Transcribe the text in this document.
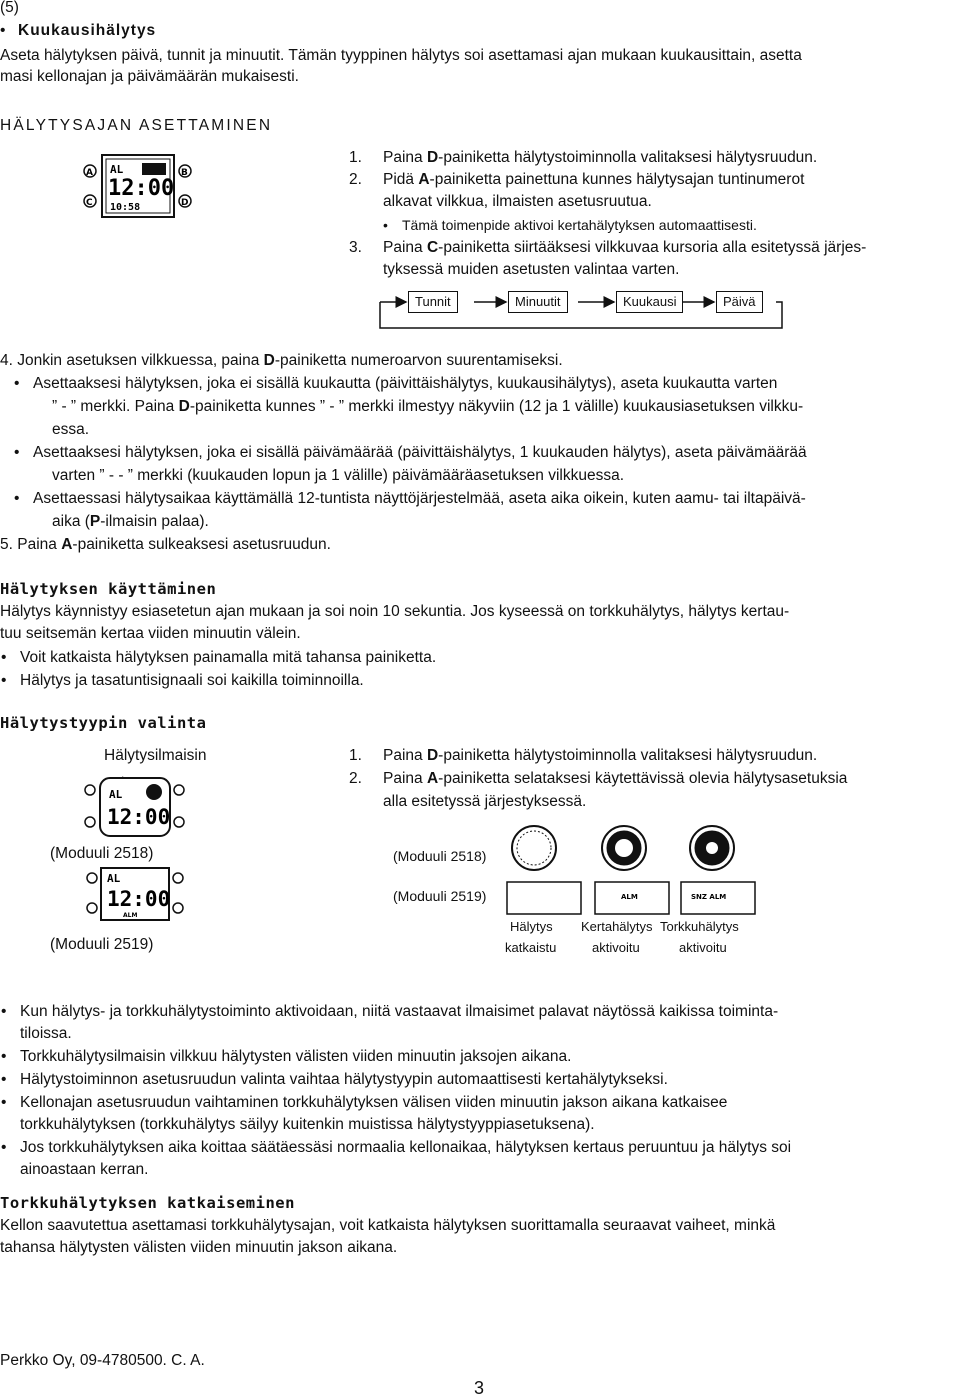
(5)
• Kuukausihälytys
Aseta hälytyksen päivä, tunnit ja minuutit. Tämän tyyppinen hälytys soi asettamasi ajan mukaan kuukausittain, asetta
masi kellonajan ja päivämäärän mukaisesti.
HÄLYTYSAJAN ASETTAMINEN
AL
12:00
10:58
A	B
C	D
1. Paina D-painiketta hälytystoiminnolla valitaksesi hälytysruudun.
2. Pidä A-painiketta painettuna kunnes hälytysajan tuntinumerot
alkavat vilkkua, ilmaisten asetusruutua.
• Tämä toimenpide aktivoi kertahälytyksen automaattisesti.
3. Paina C-painiketta siirtääksesi vilkkuvaa kursoria alla esitetyssä järjes-
tyksessä muiden asetusten valintaa varten.
Tunnit	Minuutit	Kuukausi	Päivä
4. Jonkin asetuksen vilkkuessa, paina D-painiketta numeroarvon suurentamiseksi.
• Asettaaksesi hälytyksen, joka ei sisällä kuukautta (päivittäishälytys, kuukausihälytys), aseta kuukautta varten
” - ” merkki. Paina D-painiketta kunnes ” - ” merkki ilmestyy näkyviin (12 ja 1 välille) kuukausiasetuksen vilkku-
essa.
• Asettaaksesi hälytyksen, joka ei sisällä päivämäärää (päivittäishälytys, 1 kuukauden hälytys), aseta päivämäärää
varten ” - - ” merkki (kuukauden lopun ja 1 välille) päivämääräasetuksen vilkkuessa.
• Asettaessasi hälytysaikaa käyttämällä 12-tuntista näyttöjärjestelmää, aseta aika oikein, kuten aamu- tai iltapäivä-
aika (P-ilmaisin palaa).
5. Paina A-painiketta sulkeaksesi asetusruudun.
Hälytyksen käyttäminen
Hälytys käynnistyy esiasetetun ajan mukaan ja soi noin 10 sekuntia. Jos kyseessä on torkkuhälytys, hälytys kertau-
tuu seitsemän kertaa viiden minuutin välein.
• Voit katkaista hälytyksen painamalla mitä tahansa painiketta.
• Hälytys ja tasatuntisignaali soi kaikilla toiminnoilla.
Hälytystyypin valinta
Hälytysilmaisin
AL
12:00
(Moduuli 2518)
AL
12:00
ALM
(Moduuli 2519)
1. Paina D-painiketta hälytystoiminnolla valitaksesi hälytysruudun.
2. Paina A-painiketta selataksesi käytettävissä olevia hälytysasetuksia
alla esitetyssä järjestyksessä.
(Moduuli 2518)
ALM	SNZ ALM
(Moduuli 2519)
Hälytys
katkaistu
Kertahälytys
aktivoitu
Torkkuhälytys
aktivoitu
• Kun hälytys- ja torkkuhälytystoiminto aktivoidaan, niitä vastaavat ilmaisimet palavat näytössä kaikissa toiminta-
tiloissa.
• Torkkuhälytysilmaisin vilkkuu hälytysten välisten viiden minuutin jaksojen aikana.
• Hälytystoiminnon asetusruudun valinta vaihtaa hälytystyypin automaattisesti kertahälytykseksi.
• Kellonajan asetusruudun vaihtaminen torkkuhälytyksen välisen viiden minuutin jakson aikana katkaisee
torkkuhälytyksen (torkkuhälytys säilyy kuitenkin muistissa hälytystyyppiasetuksena).
• Jos torkkuhälytyksen aika koittaa säätäessäsi normaalia kellonaikaa, hälytyksen kertaus peruuntuu ja hälytys soi
ainoastaan kerran.
Torkkuhälytyksen katkaiseminen
Kellon saavutettua asettamasi torkkuhälytysajan, voit katkaista hälytyksen suorittamalla seuraavat vaiheet, minkä
tahansa hälytysten välisten viiden minuutin jakson aikana.
Perkko Oy, 09-4780500. C. A.
3
